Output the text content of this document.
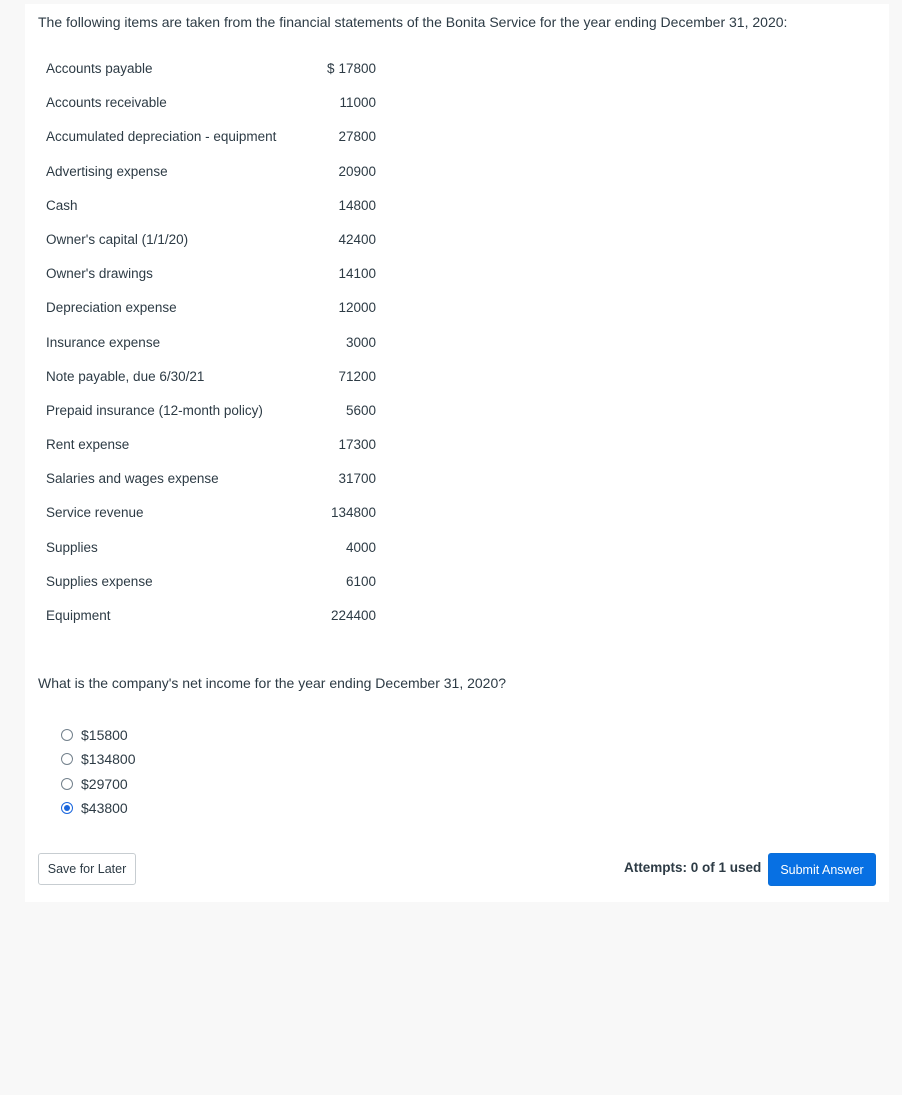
The following items are taken from the financial statements of the Bonita Service for the year ending December 31, 2020:
Accounts payable	$ 17800
Accounts receivable	11000
Accumulated depreciation - equipment	27800
Advertising expense	20900
Cash	14800
Owner's capital (1/1/20)	42400
Owner's drawings	14100
Depreciation expense	12000
Insurance expense	3000
Note payable, due 6/30/21	71200
Prepaid insurance (12-month policy)	5600
Rent expense	17300
Salaries and wages expense	31700
Service revenue	134800
Supplies	4000
Supplies expense	6100
Equipment	224400
What is the company's net income for the year ending December 31, 2020?
$15800
$134800
$29700
$43800
Save for Later	Attempts: 0 of 1 used	Submit Answer
